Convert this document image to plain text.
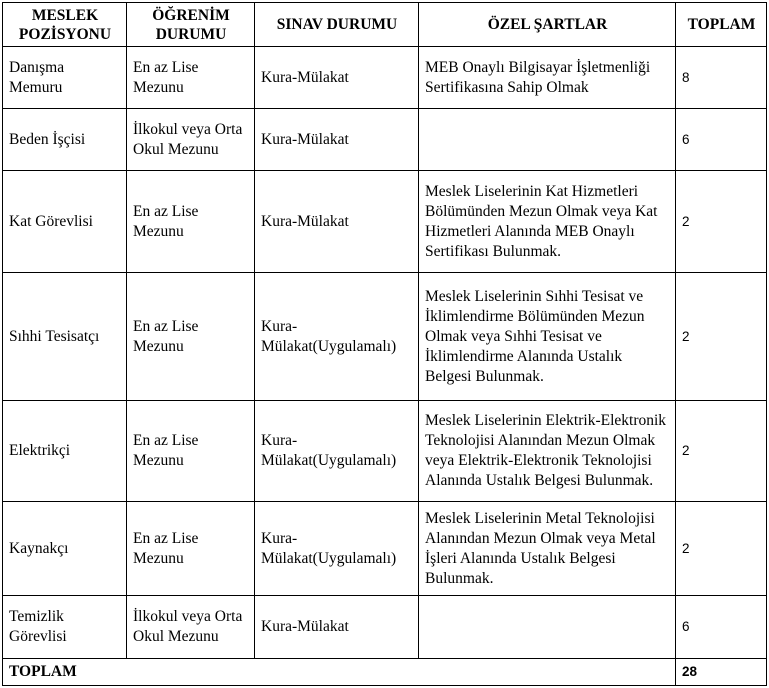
MESLEK POZİSYONU	ÖĞRENİM DURUMU	SINAV DURUMU	ÖZEL ŞARTLAR	TOPLAM
Danışma Memuru	En az Lise Mezunu	Kura-Mülakat	MEB Onaylı Bilgisayar İşletmenliği Sertifikasına Sahip Olmak	8
Beden İşçisi	İlkokul veya Orta Okul Mezunu	Kura-Mülakat		6
Kat Görevlisi	En az Lise Mezunu	Kura-Mülakat	Meslek Liselerinin Kat Hizmetleri Bölümünden Mezun Olmak veya Kat Hizmetleri Alanında MEB Onaylı Sertifikası Bulunmak.	2
Sıhhi Tesisatçı	En az Lise Mezunu	Kura-Mülakat(Uygulamalı)	Meslek Liselerinin Sıhhi Tesisat ve İklimlendirme Bölümünden Mezun Olmak veya Sıhhi Tesisat ve İklimlendirme Alanında Ustalık Belgesi Bulunmak.	2
Elektrikçi	En az Lise Mezunu	Kura-Mülakat(Uygulamalı)	Meslek Liselerinin Elektrik-Elektronik Teknolojisi Alanından Mezun Olmak veya Elektrik-Elektronik Teknolojisi Alanında Ustalık Belgesi Bulunmak.	2
Kaynakçı	En az Lise Mezunu	Kura-Mülakat(Uygulamalı)	Meslek Liselerinin Metal Teknolojisi Alanından Mezun Olmak veya Metal İşleri Alanında Ustalık Belgesi Bulunmak.	2
Temizlik Görevlisi	İlkokul veya Orta Okul Mezunu	Kura-Mülakat		6
TOPLAM				28
